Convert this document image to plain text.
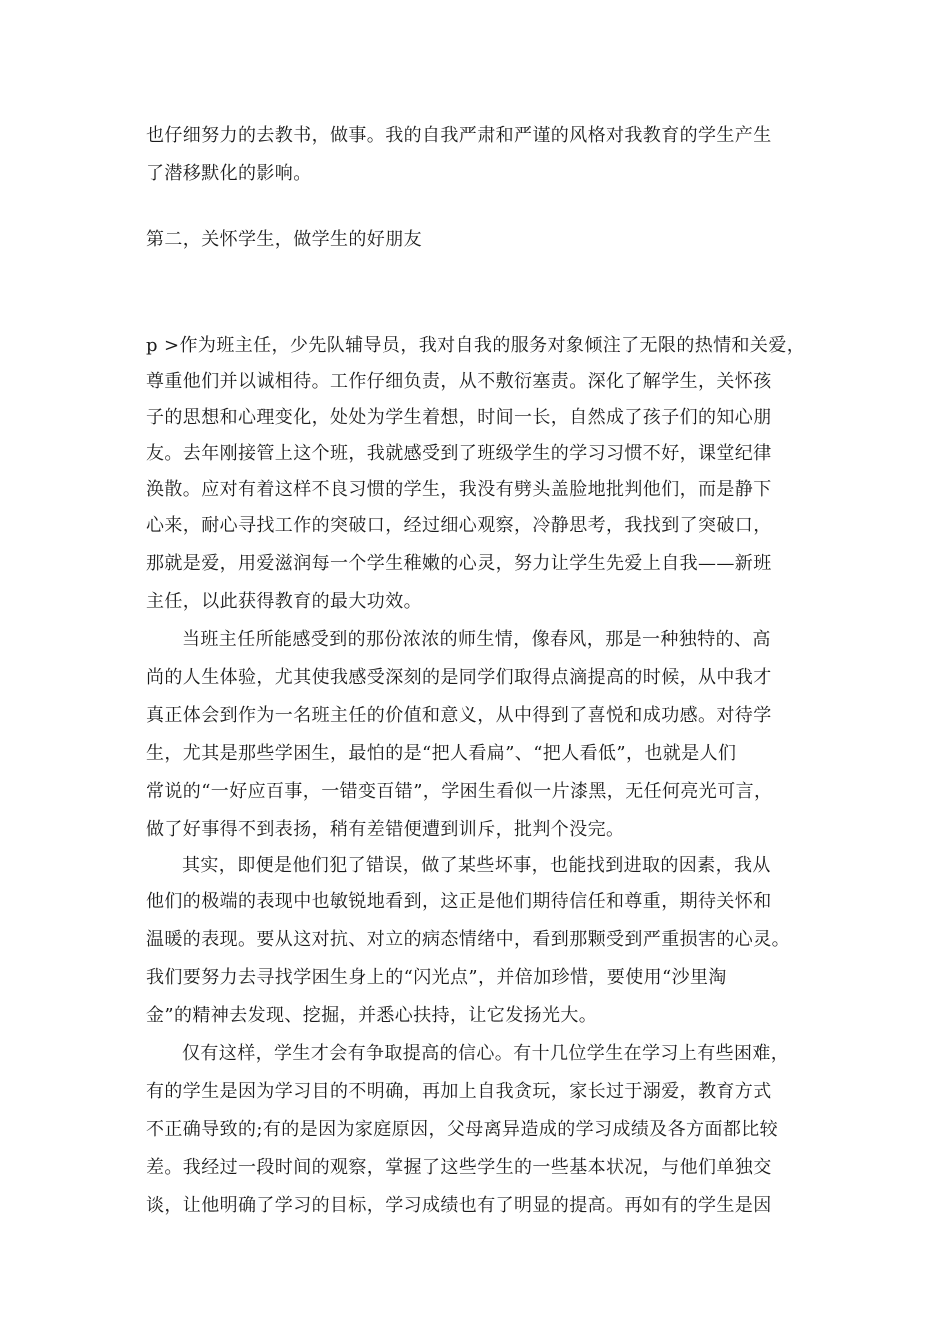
也仔细努力的去教书，做事。我的自我严肃和严谨的风格对我教育的学生产生
了潜移默化的影响。
第二，关怀学生，做学生的好朋友
p >作为班主任，少先队辅导员，我对自我的服务对象倾注了无限的热情和关爱，
尊重他们并以诚相待。工作仔细负责，从不敷衍塞责。深化了解学生，关怀孩
子的思想和心理变化，处处为学生着想，时间一长，自然成了孩子们的知心朋
友。去年刚接管上这个班，我就感受到了班级学生的学习习惯不好，课堂纪律
涣散。应对有着这样不良习惯的学生，我没有劈头盖脸地批判他们，而是静下
心来，耐心寻找工作的突破口，经过细心观察，冷静思考，我找到了突破口，
那就是爱，用爱滋润每一个学生稚嫩的心灵，努力让学生先爱上自我——新班
主任，以此获得教育的最大功效。
当班主任所能感受到的那份浓浓的师生情，像春风，那是一种独特的、高
尚的人生体验，尤其使我感受深刻的是同学们取得点滴提高的时候，从中我才
真正体会到作为一名班主任的价值和意义，从中得到了喜悦和成功感。对待学
生，尤其是那些学困生，最怕的是“把人看扁”、“把人看低”，也就是人们
常说的“一好应百事，一错变百错”，学困生看似一片漆黑，无任何亮光可言，
做了好事得不到表扬，稍有差错便遭到训斥，批判个没完。
其实，即便是他们犯了错误，做了某些坏事，也能找到进取的因素，我从
他们的极端的表现中也敏锐地看到，这正是他们期待信任和尊重，期待关怀和
温暖的表现。要从这对抗、对立的病态情绪中，看到那颗受到严重损害的心灵。
我们要努力去寻找学困生身上的“闪光点”，并倍加珍惜，要使用“沙里淘
金”的精神去发现、挖掘，并悉心扶持，让它发扬光大。
仅有这样，学生才会有争取提高的信心。有十几位学生在学习上有些困难，
有的学生是因为学习目的不明确，再加上自我贪玩，家长过于溺爱，教育方式
不正确导致的;有的是因为家庭原因，父母离异造成的学习成绩及各方面都比较
差。我经过一段时间的观察，掌握了这些学生的一些基本状况，与他们单独交
谈，让他明确了学习的目标，学习成绩也有了明显的提高。再如有的学生是因
